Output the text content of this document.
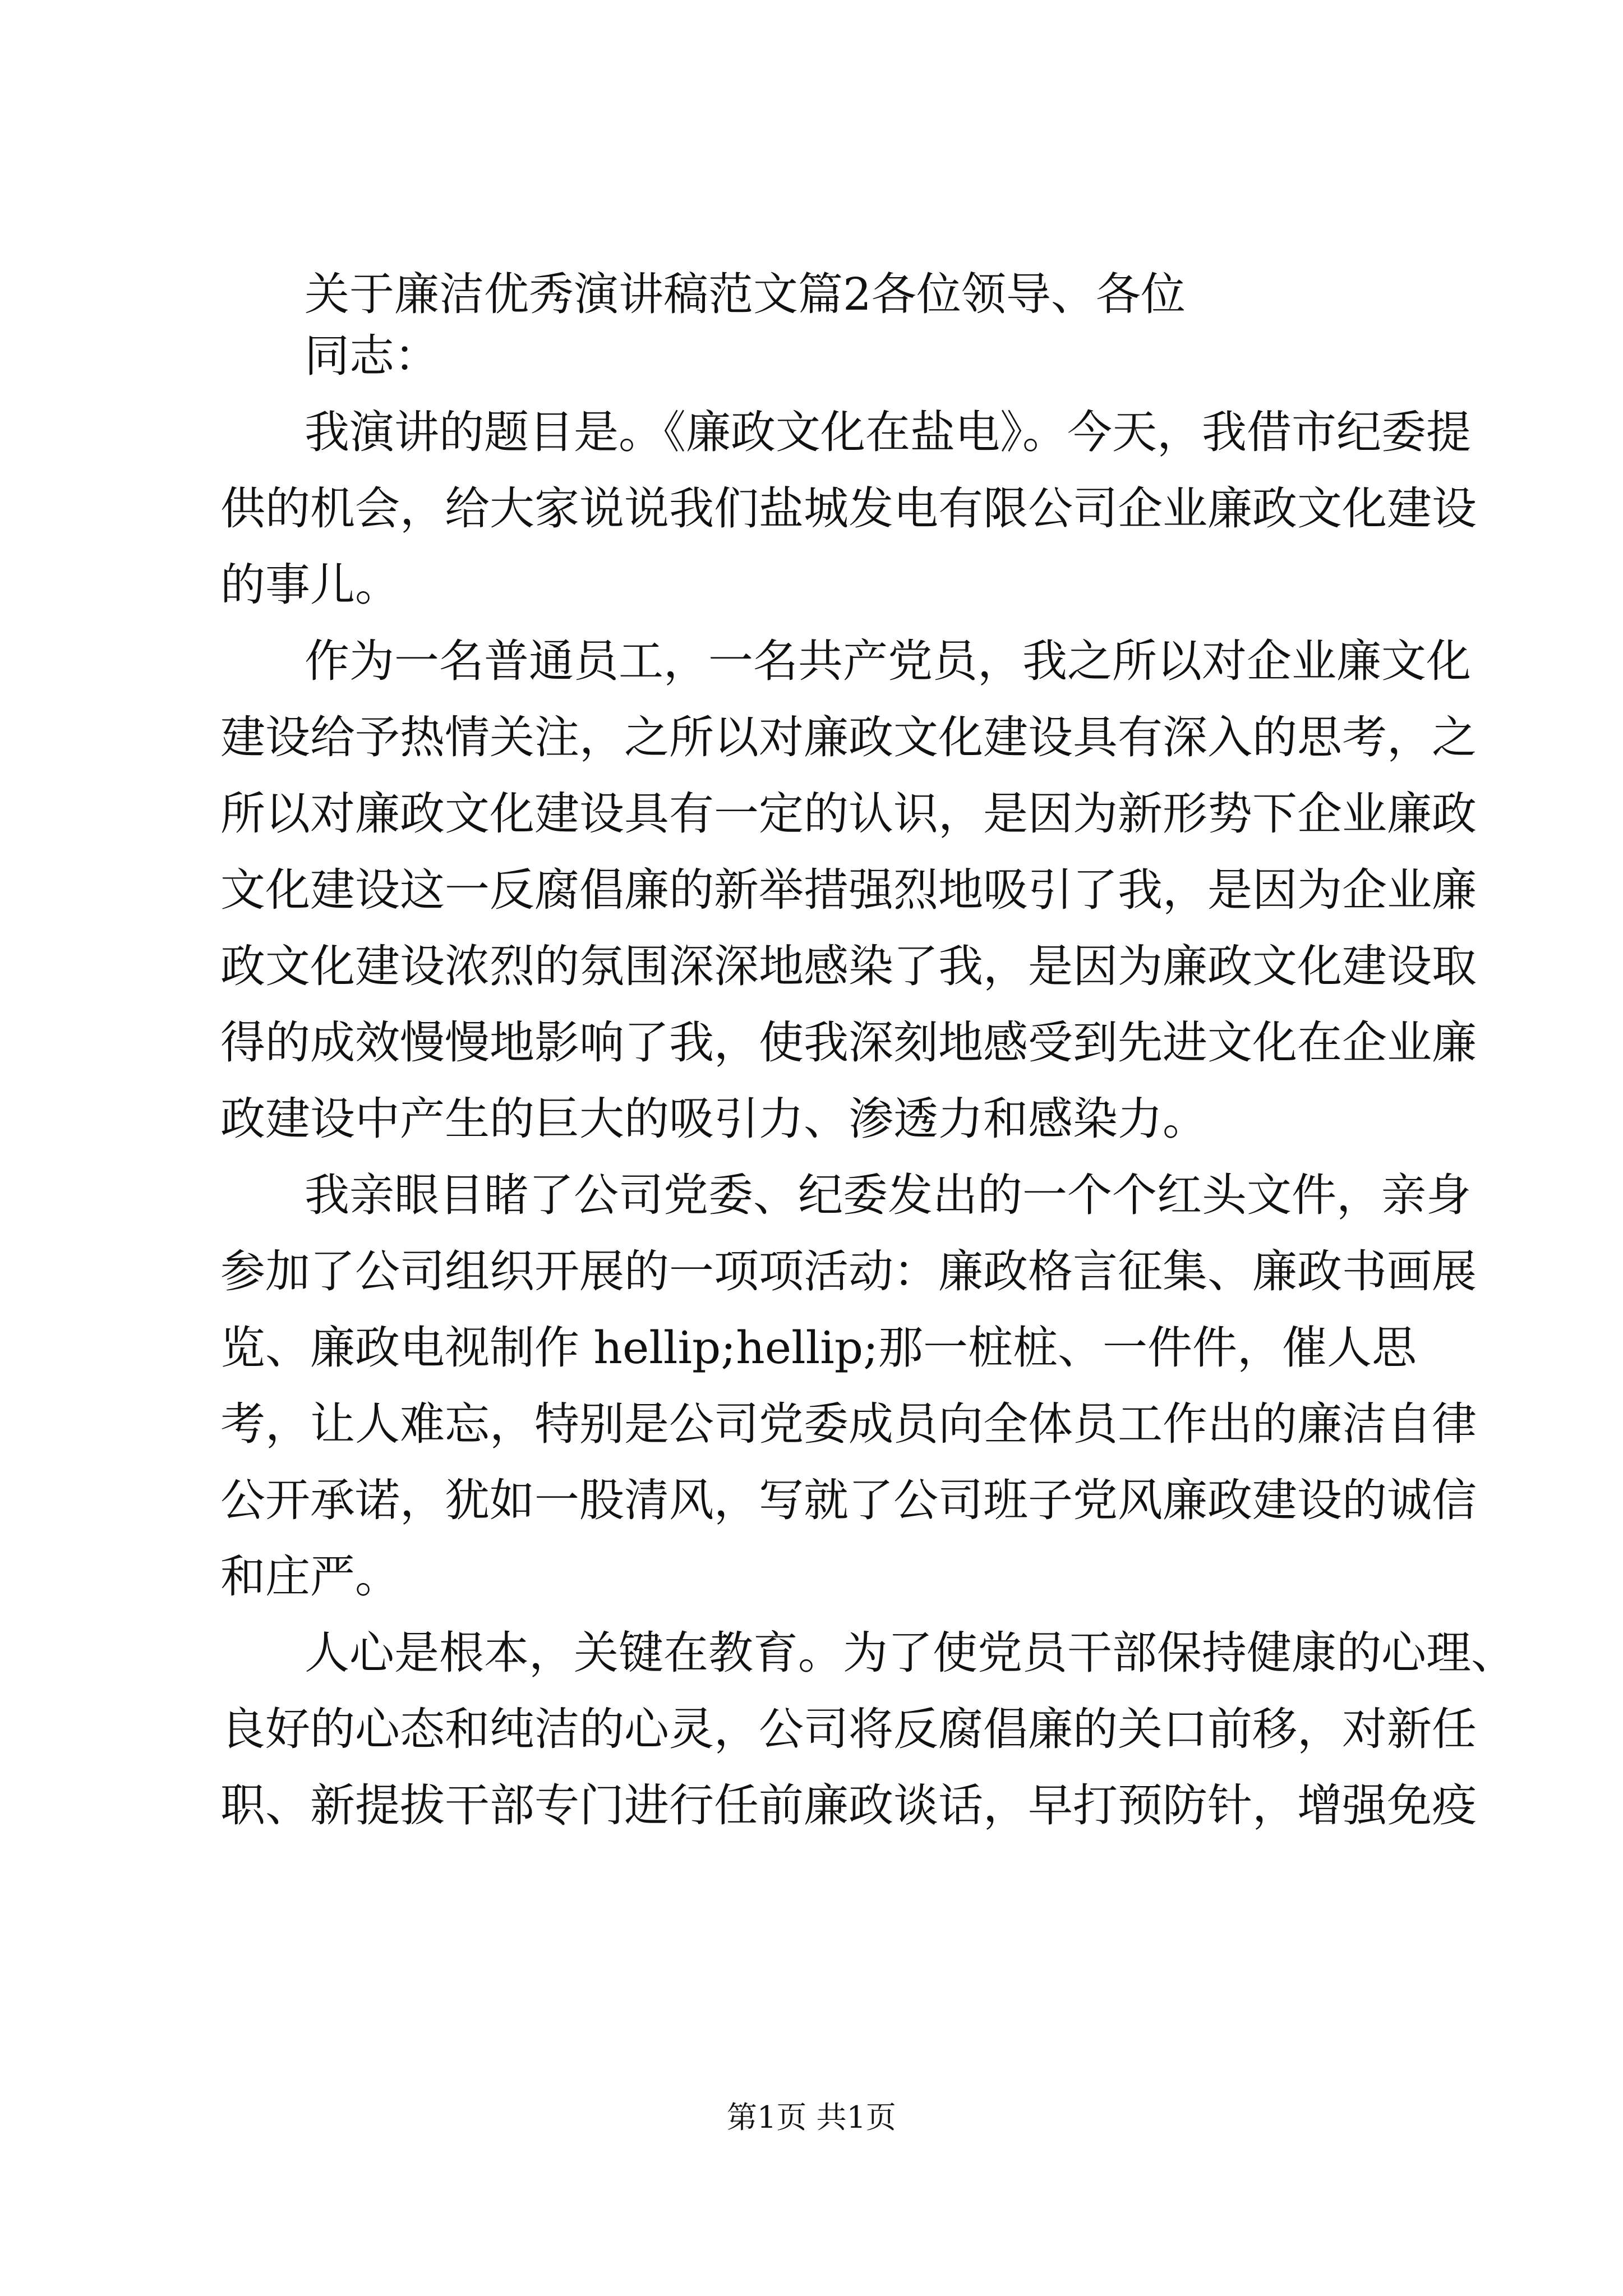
关于廉洁优秀演讲稿范文篇2各位领导、各位
同志：
我演讲的题目是。《廉政文化在盐电》。今天，我借市纪委提
供的机会，给大家说说我们盐城发电有限公司企业廉政文化建设
的事儿。
作为一名普通员工，一名共产党员，我之所以对企业廉文化
建设给予热情关注，之所以对廉政文化建设具有深入的思考，之
所以对廉政文化建设具有一定的认识，是因为新形势下企业廉政
文化建设这一反腐倡廉的新举措强烈地吸引了我，是因为企业廉
政文化建设浓烈的氛围深深地感染了我，是因为廉政文化建设取
得的成效慢慢地影响了我，使我深刻地感受到先进文化在企业廉
政建设中产生的巨大的吸引力、渗透力和感染力。
我亲眼目睹了公司党委、纪委发出的一个个红头文件，亲身
参加了公司组织开展的一项项活动：廉政格言征集、廉政书画展
览、廉政电视制作 hellip;hellip;那一桩桩、一件件，催人思
考，让人难忘，特别是公司党委成员向全体员工作出的廉洁自律
公开承诺，犹如一股清风，写就了公司班子党风廉政建设的诚信
和庄严。
人心是根本，关键在教育。为了使党员干部保持健康的心理、
良好的心态和纯洁的心灵，公司将反腐倡廉的关口前移，对新任
职、新提拔干部专门进行任前廉政谈话，早打预防针，增强免疫
第1页 共1页
